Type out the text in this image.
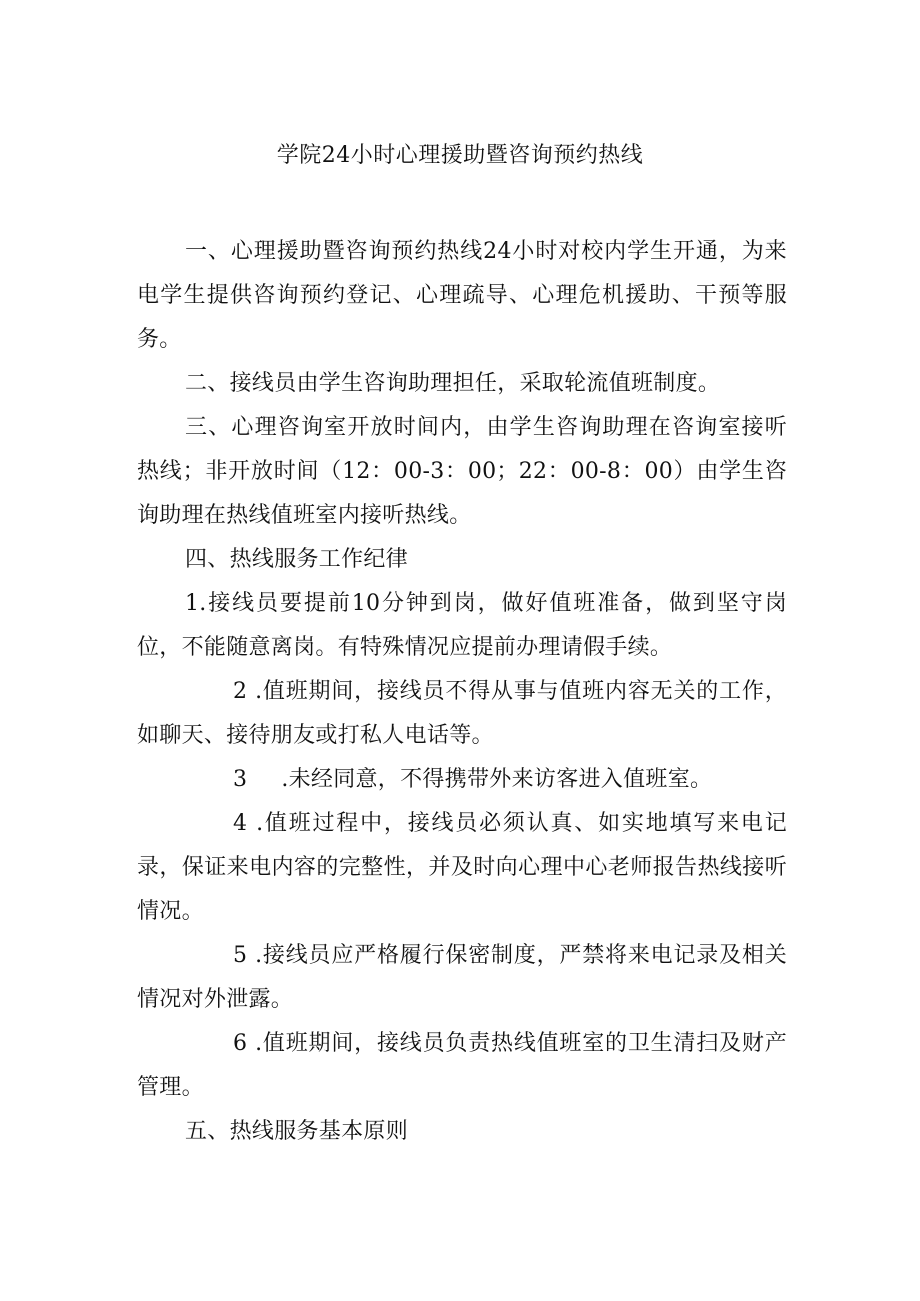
学院24小时心理援助暨咨询预约热线

一、心理援助暨咨询预约热线24小时对校内学生开通，为来电学生提供咨询预约登记、心理疏导、心理危机援助、干预等服务。

二、接线员由学生咨询助理担任，采取轮流值班制度。

三、心理咨询室开放时间内，由学生咨询助理在咨询室接听热线；非开放时间（12：00-3：00；22：00-8：00）由学生咨询助理在热线值班室内接听热线。

四、热线服务工作纪律

1.接线员要提前10分钟到岗，做好值班准备，做到坚守岗位，不能随意离岗。有特殊情况应提前办理请假手续。

2 .值班期间，接线员不得从事与值班内容无关的工作，如聊天、接待朋友或打私人电话等。

3 .未经同意，不得携带外来访客进入值班室。

4 .值班过程中，接线员必须认真、如实地填写来电记录，保证来电内容的完整性，并及时向心理中心老师报告热线接听情况。

5 .接线员应严格履行保密制度，严禁将来电记录及相关情况对外泄露。

6 .值班期间，接线员负责热线值班室的卫生清扫及财产管理。

五、热线服务基本原则
